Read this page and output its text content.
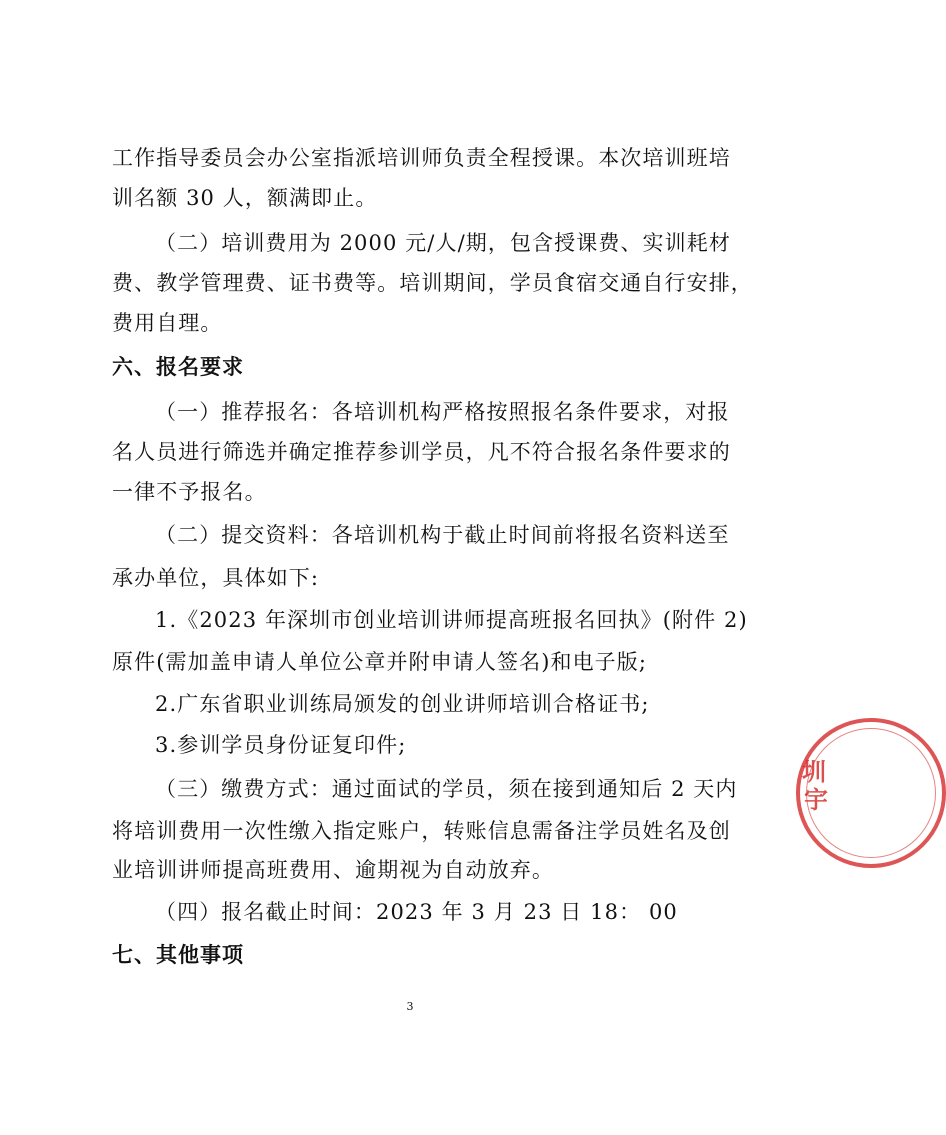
工作指导委员会办公室指派培训师负责全程授课。本次培训班培
训名额 30 人，额满即止。
（二）培训费用为 2000 元/人/期，包含授课费、实训耗材
费、教学管理费、证书费等。培训期间，学员食宿交通自行安排，
费用自理。
六、报名要求
（一）推荐报名：各培训机构严格按照报名条件要求，对报
名人员进行筛选并确定推荐参训学员，凡不符合报名条件要求的
一律不予报名。
（二）提交资料：各培训机构于截止时间前将报名资料送至
承办单位，具体如下:
1.《2023 年深圳市创业培训讲师提高班报名回执》(附件 2)
原件(需加盖申请人单位公章并附申请人签名)和电子版;
2.广东省职业训练局颁发的创业讲师培训合格证书;
3.参训学员身份证复印件;
（三）缴费方式：通过面试的学员，须在接到通知后 2 天内
将培训费用一次性缴入指定账户，转账信息需备注学员姓名及创
业培训讲师提高班费用、逾期视为自动放弃。
（四）报名截止时间：2023 年 3 月 23 日 18： 00
七、其他事项
3
圳
宇
